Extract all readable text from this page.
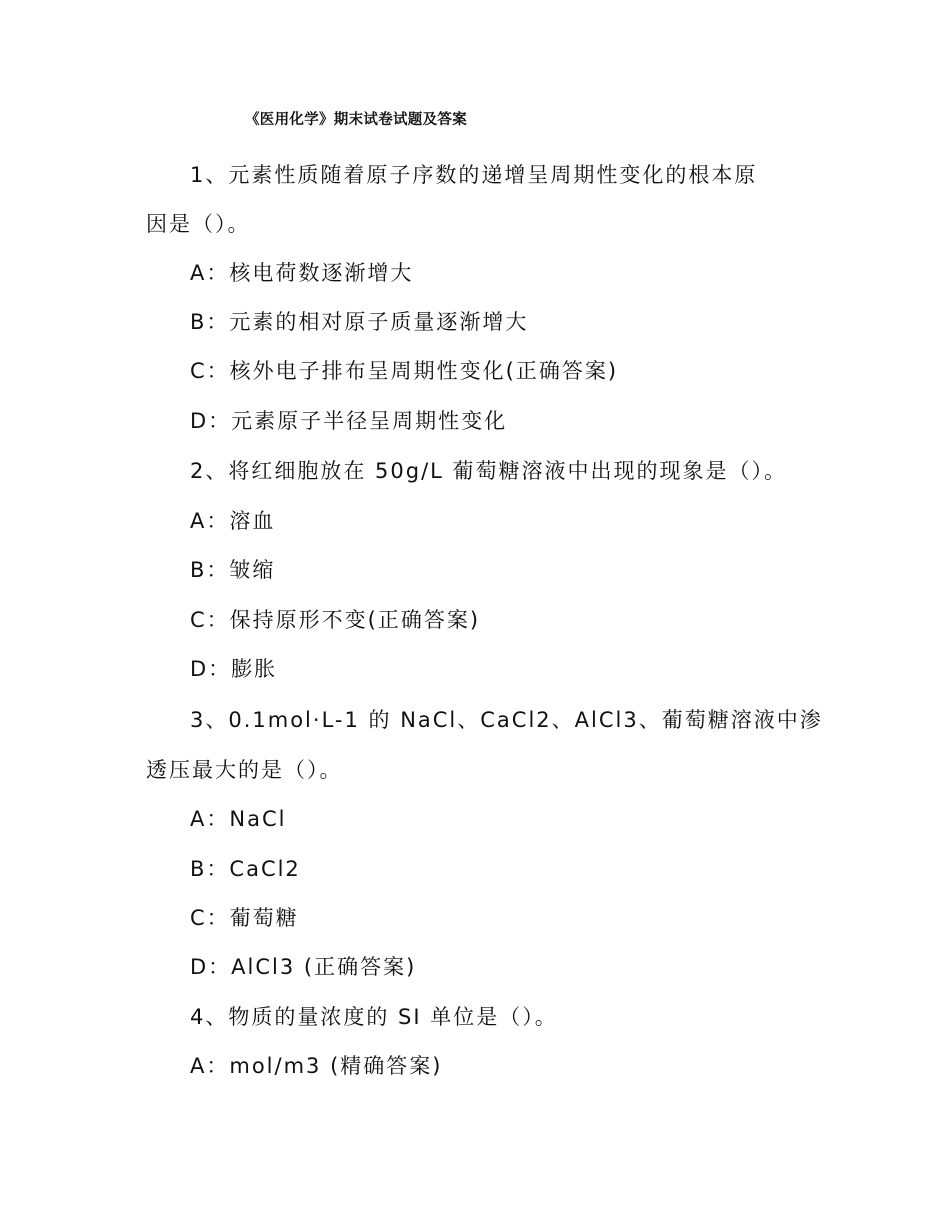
《医用化学》期末试卷试题及答案
1、元素性质随着原子序数的递增呈周期性变化的根本原
因是（）。
A：核电荷数逐渐增大
B：元素的相对原子质量逐渐增大
C：核外电子排布呈周期性变化(正确答案)
D：元素原子半径呈周期性变化
2、将红细胞放在 50g/L 葡萄糖溶液中出现的现象是（）。
A：溶血
B：皱缩
C：保持原形不变(正确答案)
D：膨胀
3、0.1mol·L-1 的 NaCl、CaCl2、AlCl3、葡萄糖溶液中渗
透压最大的是（）。
A：NaCl
B：CaCl2
C：葡萄糖
D：AlCl3 (正确答案)
4、物质的量浓度的 SI 单位是（）。
A：mol/m3 (精确答案)
